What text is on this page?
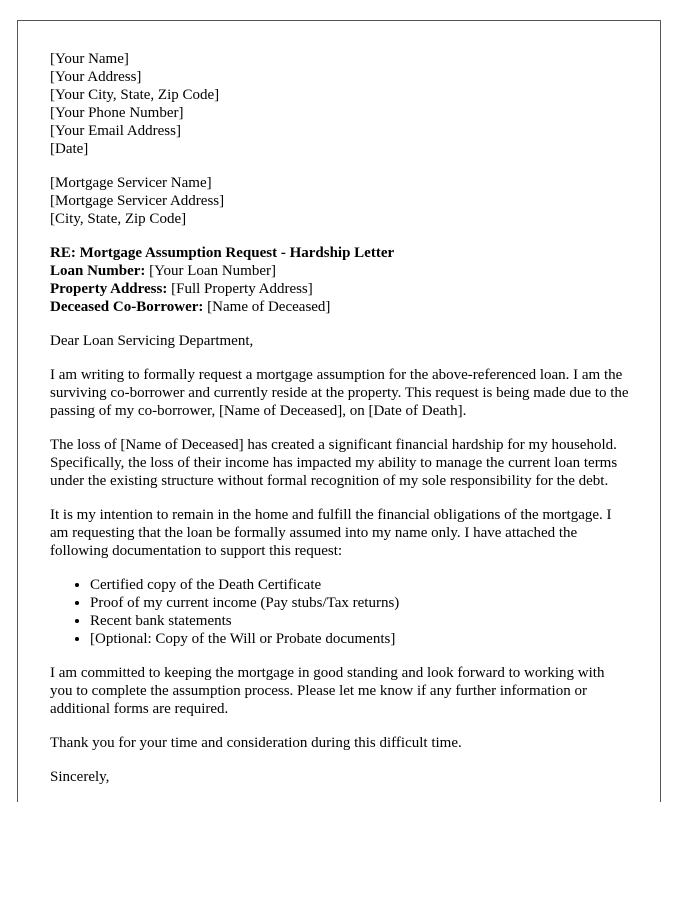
[Your Name]
[Your Address]
[Your City, State, Zip Code]
[Your Phone Number]
[Your Email Address]
[Date]
[Mortgage Servicer Name]
[Mortgage Servicer Address]
[City, State, Zip Code]
RE: Mortgage Assumption Request - Hardship Letter
Loan Number: [Your Loan Number]
Property Address: [Full Property Address]
Deceased Co-Borrower: [Name of Deceased]

Dear Loan Servicing Department,

I am writing to formally request a mortgage assumption for the above-referenced loan. I am the surviving co-borrower and currently reside at the property. This request is being made due to the passing of my co-borrower, [Name of Deceased], on [Date of Death].

The loss of [Name of Deceased] has created a significant financial hardship for my household. Specifically, the loss of their income has impacted my ability to manage the current loan terms under the existing structure without formal recognition of my sole responsibility for the debt.

It is my intention to remain in the home and fulfill the financial obligations of the mortgage. I am requesting that the loan be formally assumed into my name only. I have attached the following documentation to support this request:

• Certified copy of the Death Certificate
• Proof of my current income (Pay stubs/Tax returns)
• Recent bank statements
• [Optional: Copy of the Will or Probate documents]

I am committed to keeping the mortgage in good standing and look forward to working with you to complete the assumption process. Please let me know if any further information or additional forms are required.

Thank you for your time and consideration during this difficult time.

Sincerely,
